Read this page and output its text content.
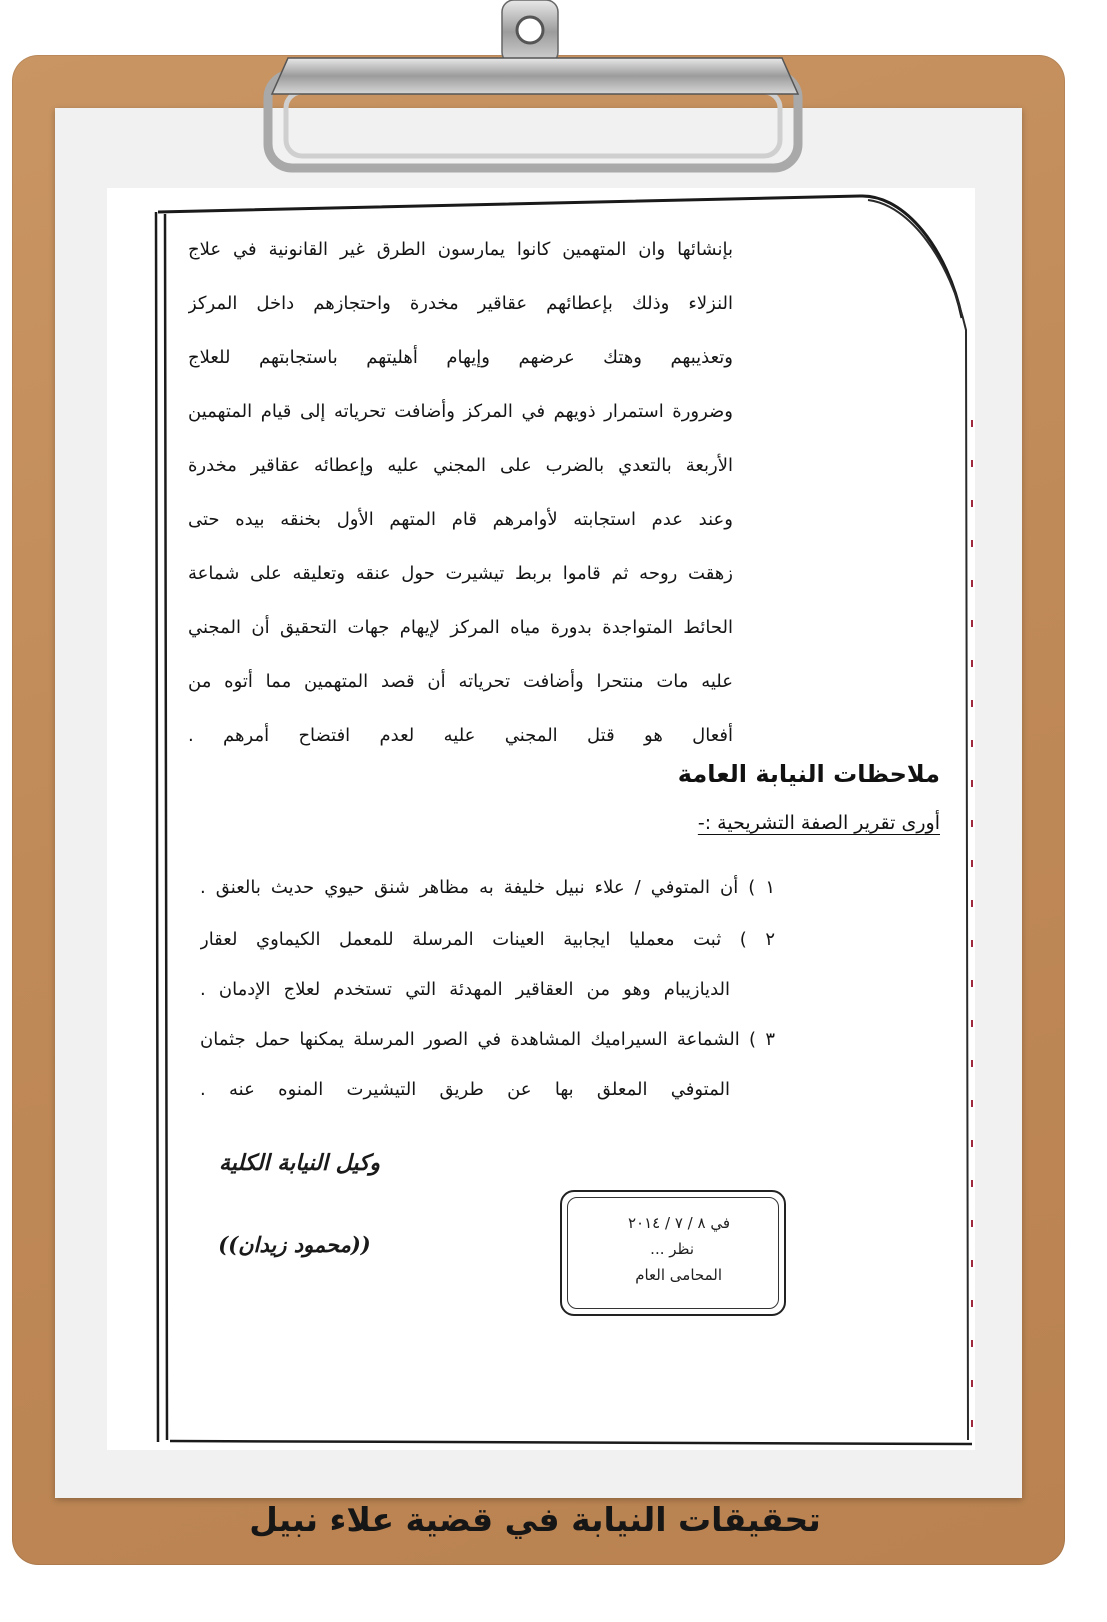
بإنشائها وان المتهمين كانوا يمارسون الطرق غير القانونية في علاج
النزلاء وذلك بإعطائهم عقاقير مخدرة واحتجازهم داخل المركز
وتعذيبهم وهتك عرضهم وإيهام أهليتهم باستجابتهم للعلاج
وضرورة استمرار ذويهم في المركز وأضافت تحرياته إلى قيام المتهمين
الأربعة بالتعدي بالضرب على المجني عليه وإعطائه عقاقير مخدرة
وعند عدم استجابته لأوامرهم قام المتهم الأول بخنقه بيده حتى
زهقت روحه ثم قاموا بربط تيشيرت حول عنقه وتعليقه على شماعة
الحائط المتواجدة بدورة مياه المركز لإيهام جهات التحقيق أن المجني
عليه مات منتحرا وأضافت تحرياته أن قصد المتهمين مما أتوه من
أفعال هو قتل المجني عليه لعدم افتضاح أمرهم .
ملاحظات النيابة العامة
أورى تقرير الصفة التشريحية :-
١ ) أن المتوفي / علاء نبيل خليفة به مظاهر شنق حيوي حديث بالعنق .
٢ ) ثبت معمليا ايجابية العينات المرسلة للمعمل الكيماوي لعقار
الديازيبام وهو من العقاقير المهدئة التي تستخدم لعلاج الإدمان .
٣ ) الشماعة السيراميك المشاهدة في الصور المرسلة يمكنها حمل جثمان
المتوفي المعلق بها عن طريق التيشيرت المنوه عنه .
وكيل النيابة الكلية
((محمود زيدان))
في ٨ / ٧ / ٢٠١٤
نظر ...
المحامى العام
تحقيقات النيابة في قضية علاء نبيل
